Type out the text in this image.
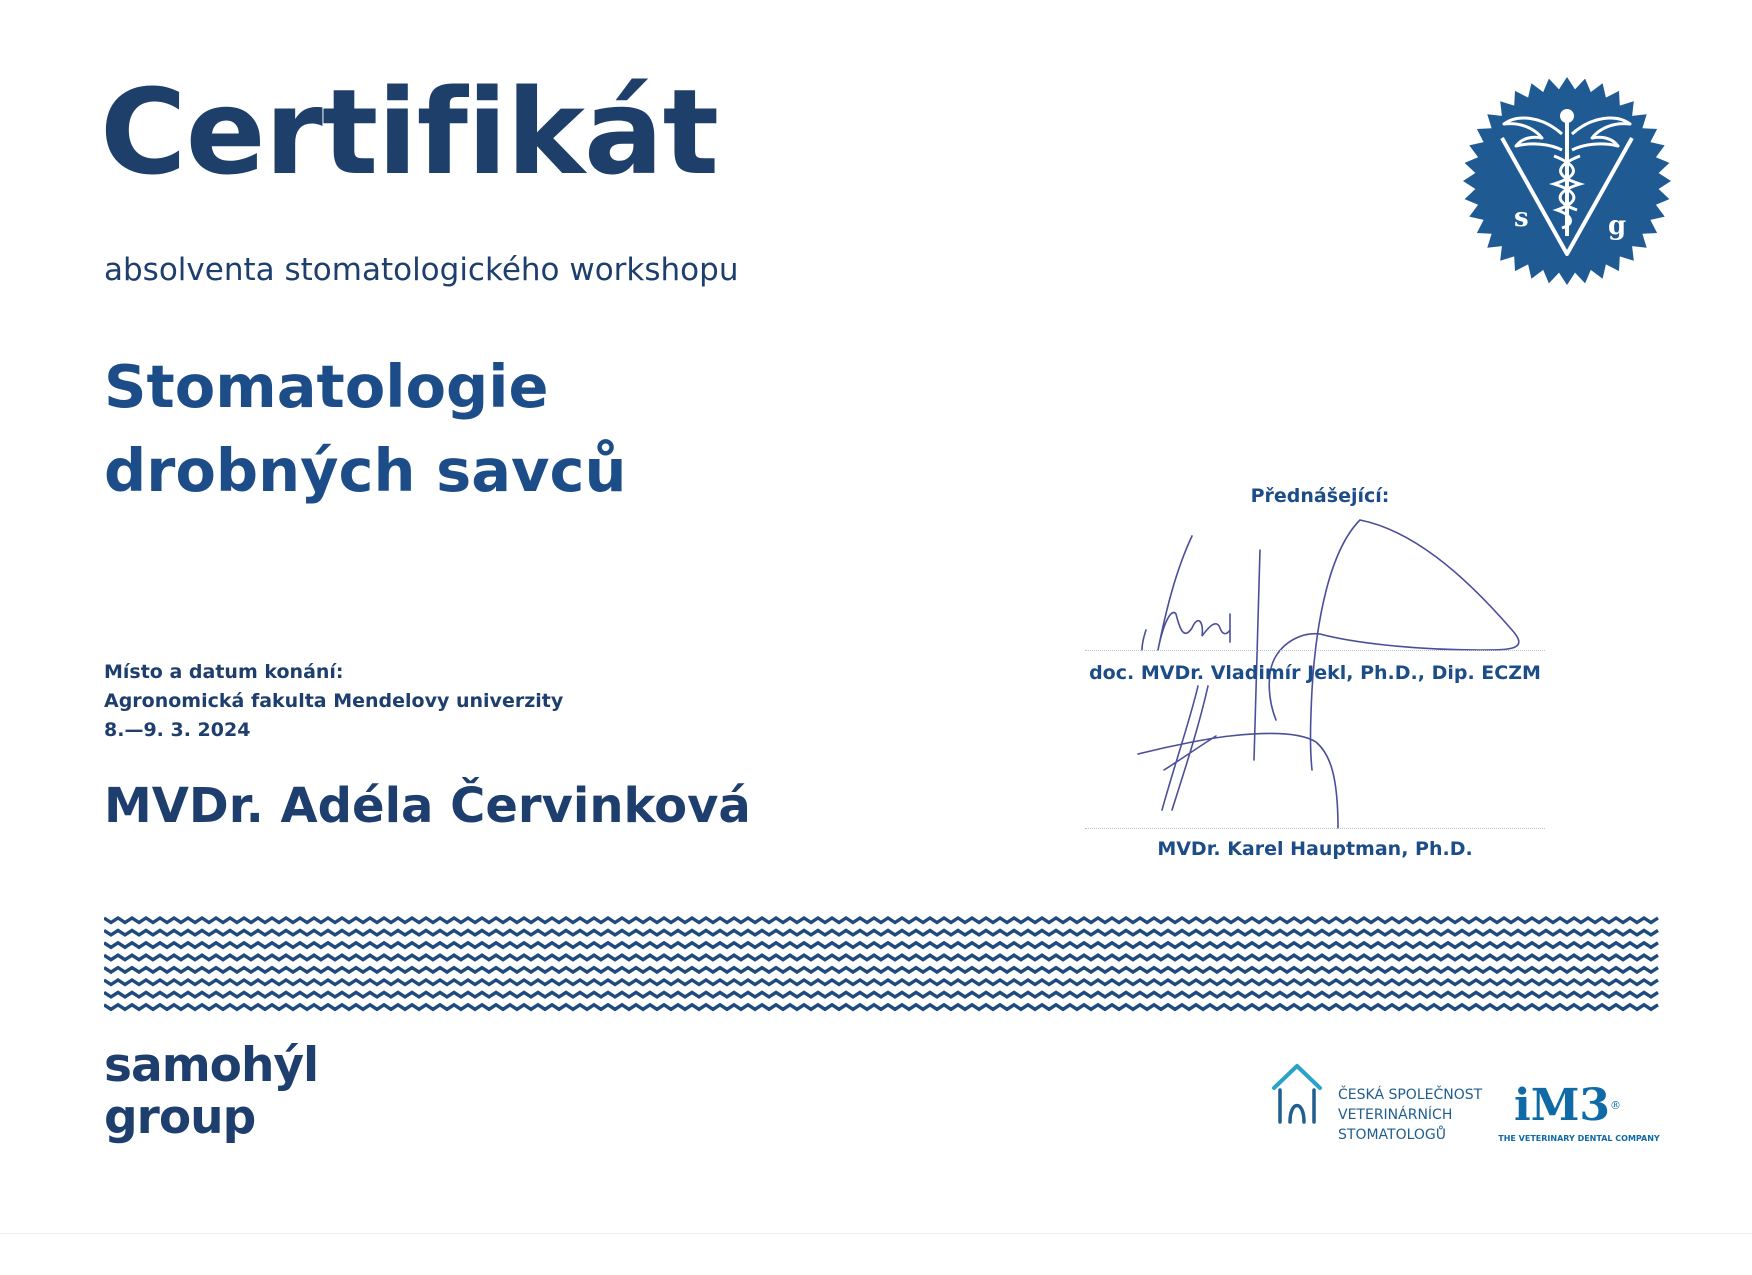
Certifikát

absolventa stomatologického workshopu

Stomatologie
drobných savců
Místo a datum konání:
Agronomická fakulta Mendelovy univerzity
8.—9. 3. 2024
MVDr. Adéla Červinková
s	g
Přednášející:
doc. MVDr. Vladimír Jekl, Ph.D., Dip. ECZM
MVDr. Karel Hauptman, Ph.D.
samohýl
group	ČESKÁ SPOLEČNOST
VETERINÁRNÍCH
STOMATOLOGŮ
iM3®
THE VETERINARY DENTAL COMPANY
